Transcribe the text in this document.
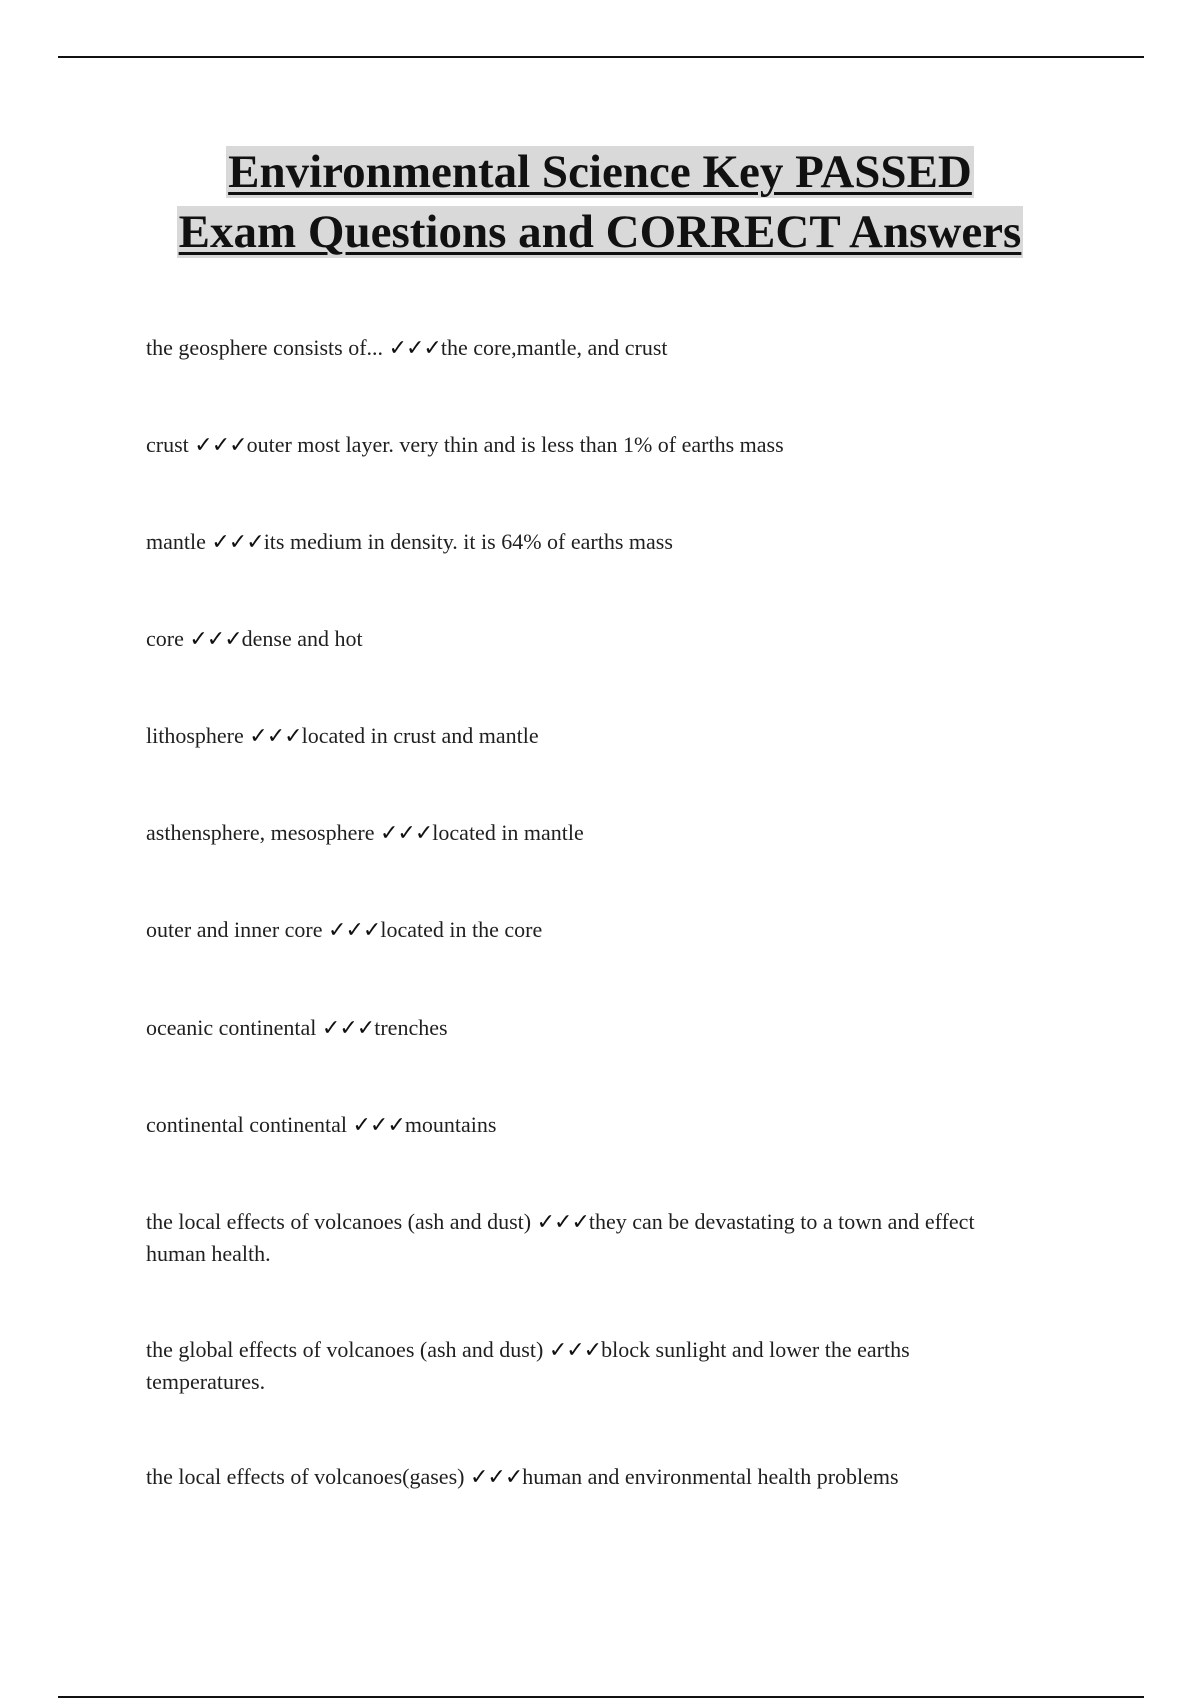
Environmental Science Key PASSED
Exam Questions and CORRECT Answers
the geosphere consists of... ✓✓✓the core,mantle, and crust
crust ✓✓✓outer most layer. very thin and is less than 1% of earths mass
mantle ✓✓✓its medium in density. it is 64% of earths mass
core ✓✓✓dense and hot
lithosphere ✓✓✓located in crust and mantle
asthensphere, mesosphere ✓✓✓located in mantle
outer and inner core ✓✓✓located in the core
oceanic continental ✓✓✓trenches
continental continental ✓✓✓mountains
the local effects of volcanoes (ash and dust) ✓✓✓they can be devastating to a town and effect human health.
the global effects of volcanoes (ash and dust) ✓✓✓block sunlight and lower the earths temperatures.
the local effects of volcanoes(gases) ✓✓✓human and environmental health problems
